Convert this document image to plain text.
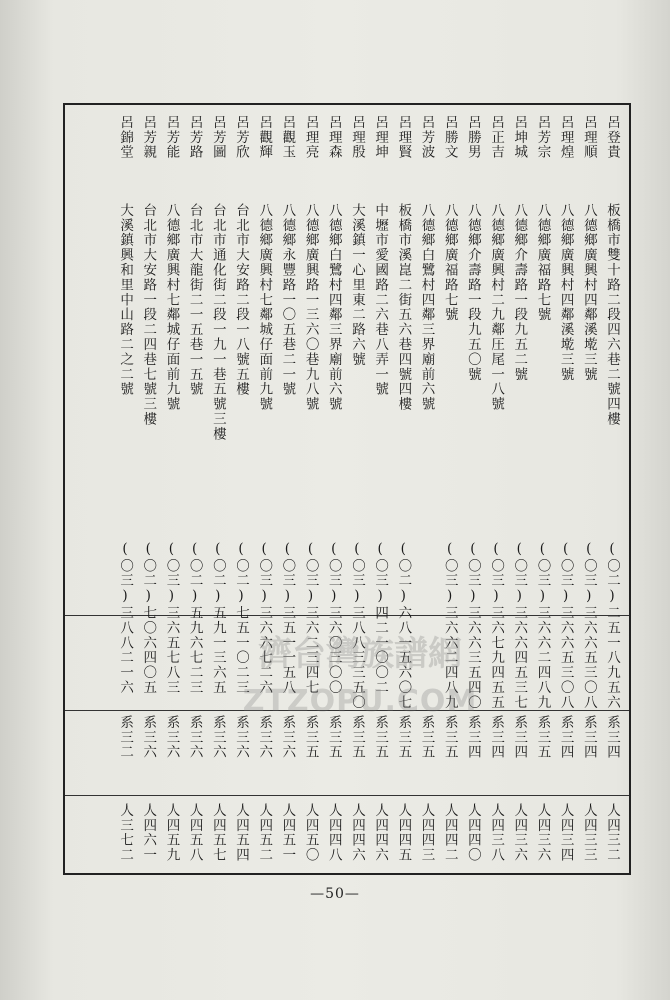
呂登貴
板橋市雙十路二段四六巷二號四樓
(〇二)二五一八九五六
系三四
人四三二
呂理順
八德鄉廣興村四鄰溪墘三號
(〇三)三六六五三〇八
系三四
人四三三
呂理煌
八德鄉廣興村四鄰溪墘三號
(〇三)三六六五三〇八
系三四
人四三四
呂芳宗
八德鄉廣福路七號
(〇三)三六六二四八九
系三五
人四三六
呂坤城
八德鄉介壽路一段九五二號
(〇三)三六六四五三七
系三四
人四三六
呂正吉
八德鄉廣興村二九鄰圧尾一八號
(〇三)三六七九四五五
系三四
人四三八
呂勝男
八德鄉介壽路一段九五〇號
(〇三)三六六三五四〇
系三四
人四四〇
呂勝文
八德鄉廣福路七號
(〇三)三六六二四八九
系三五
人四四二
呂芳波
八德鄉白鷺村四鄰三界廟前六號
系三五
人四四三
呂理賢
板橋市溪崑二街五六巷四號四樓
(〇二)六八一五六〇七
系三五
人四四五
呂理坤
中壢市愛國路二六巷八弄一號
(〇三)四二一〇〇二
系三五
人四四六
呂理殷
大溪鎮一心里東二路六號
(〇三)三八八三三五〇
系三五
人四四六
呂理森
八德鄉白鷺村四鄰三界廟前六號
(〇三)三六〇三〇〇
系三五
人四四八
呂理亮
八德鄉廣興路一三六〇巷九八號
(〇三)三六二三四七
系三五
人四五〇
呂觀玉
八德鄉永豐路一〇五巷二一號
(〇三)三五一一五八
系三六
人四五一
呂觀輝
八德鄉廣興村七鄰城仔面前九號
(〇三)三六六七二六
系三六
人四五二
呂芳欣
台北市大安路二段一八號五樓
(〇二)七五一〇二三
系三六
人四五四
呂芳圖
台北市通化街二段一九一巷五號三樓
(〇二)五九一三六五
系三六
人四五七
呂芳路
台北市大龍街二一五巷一五號
(〇二)五九六七二三
系三六
人四五八
呂芳能
八德鄉廣興村七鄰城仔面前九號
(〇三)三六五七八三
系三六
人四五九
呂芳親
台北市大安路一段二四巷七號三樓
(〇二)七〇六四〇五
系三六
人四六一
呂錦堂
大溪鎮興和里中山路二之二號
(〇三)三八八二一六
系三二
人三七二
濟台灣族譜網
ZTZOPU.COM
—50—
